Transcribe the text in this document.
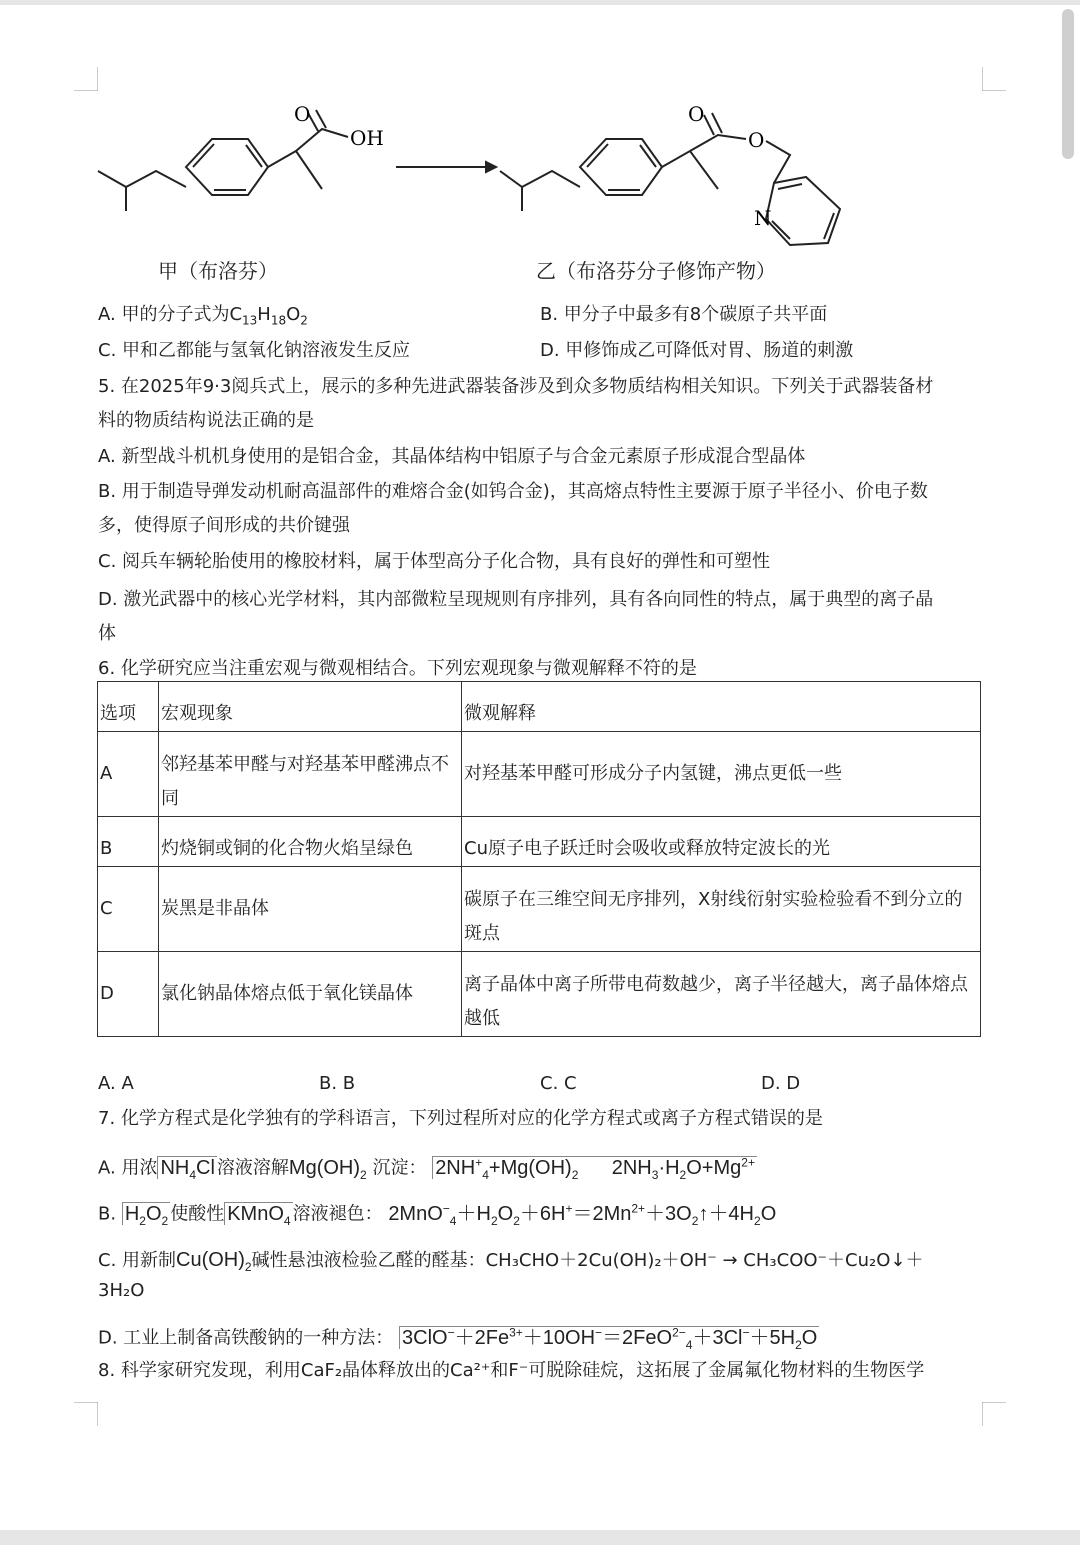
O
OH
O
O
N
甲（布洛芬）	乙（布洛芬分子修饰产物）
A. 甲的分子式为$C_{13}H_{18}O_2$	B. 甲分子中最多有8个碳原子共平面
C. 甲和乙都能与氢氧化钠溶液发生反应	D. 甲修饰成乙可降低对胃、肠道的刺激
5. 在2025年9·3阅兵式上，展示的多种先进武器装备涉及到众多物质结构相关知识。下列关于武器装备材
料的物质结构说法正确的是
A. 新型战斗机机身使用的是铝合金，其晶体结构中铝原子与合金元素原子形成混合型晶体
B. 用于制造导弹发动机耐高温部件的难熔合金(如钨合金)，其高熔点特性主要源于原子半径小、价电子数
多，使得原子间形成的共价键强
C. 阅兵车辆轮胎使用的橡胶材料，属于体型高分子化合物，具有良好的弹性和可塑性
D. 激光武器中的核心光学材料，其内部微粒呈现规则有序排列，具有各向同性的特点，属于典型的离子晶
体
6. 化学研究应当注重宏观与微观相结合。下列宏观现象与微观解释不符的是
选项	宏观现象	微观解释
A	邻羟基苯甲醛与对羟基苯甲醛沸点不同	对羟基苯甲醛可形成分子内氢键，沸点更低一些
B	灼烧铜或铜的化合物火焰呈绿色	Cu原子电子跃迁时会吸收或释放特定波长的光
C	炭黑是非晶体	碳原子在三维空间无序排列，X射线衍射实验检验看不到分立的斑点
D	氯化钠晶体熔点低于氧化镁晶体	离子晶体中离子所带电荷数越少，离子半径越大，离子晶体熔点越低
A. A	B. B	C. C	D. D
7. 化学方程式是化学独有的学科语言，下列过程所对应的化学方程式或离子方程式错误的是
A. 用浓 $NH_4Cl$ 溶液溶解$Mg(OH)_2$ 沉淀： $2NH^+_4+Mg(OH)_2$      $2NH_3\cdot H_2O+Mg^{2+}$
B. $H_2O_2$ 使酸性 KMnO$_4$ 溶液褪色： $2MnO^-_4+H_2O_2+6H^+=2Mn^{2+}+3O_2↑+4H_2O$
C. 用新制$Cu(OH)_2$碱性悬浊液检验乙醛的醛基：CH₃CHO＋2Cu(OH)₂＋OH⁻ → CH₃COO⁻＋Cu₂O↓＋
3H₂O
D. 工业上制备高铁酸钠的一种方法： $3ClO^-+2Fe^{3+}+10OH^-=2FeO^{2-}_4+3Cl^-+5H_2O$
8. 科学家研究发现，利用CaF₂晶体释放出的Ca²⁺和F⁻可脱除硅烷，这拓展了金属氟化物材料的生物医学
